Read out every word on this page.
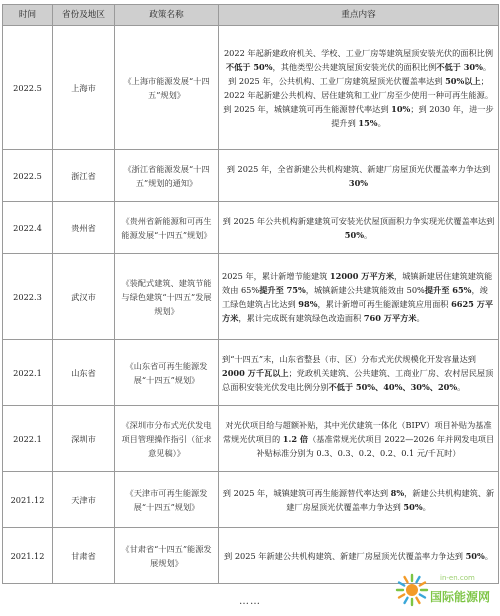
时间	省份及地区	政策名称	重点内容
2022.5	上海市	《上海市能源发展“十四五”规划》	2022 年起新建政府机关、学校、工业厂房等建筑屋顶安装光伏的面积比例不低于 50%，其他类型公共建筑屋顶安装光伏的面积比例不低于 30%。

到 2025 年，公共机构、工业厂房建筑屋顶光伏覆盖率达到 50%以上；

2022 年起新建公共机构、居住建筑和工业厂房至少使用一种可再生能源。

到 2025 年，城镇建筑可再生能源替代率达到 10%；到 2030 年，进一步提升到 15%。

2022.5	浙江省	《浙江省能源发展“十四五”规划的通知》	到 2025 年，全省新建公共机构建筑、新建厂房屋顶光伏覆盖率力争达到 30%

2022.4	贵州省	《贵州省新能源和可再生能源发展“十四五”规划》	到 2025 年公共机构新建建筑可安装光伏屋顶面积力争实现光伏覆盖率达到 50%。

2022.3	武汉市	《装配式建筑、建筑节能与绿色建筑“十四五”发展规划》	2025 年，累计新增节能建筑 12000 万平方米，城镇新建居住建筑建筑能效由 65%提升至 75%，城镇新建公共建筑能效由 50%提升至 65%，竣工绿色建筑占比达到 98%，累计新增可再生能源建筑应用面积 6625 万平方米，累计完成既有建筑绿色改造面积 760 万平方米。

2022.1	山东省	《山东省可再生能源发展“十四五”规划》	到“十四五”末，山东省整县（市、区）分布式光伏规模化开发容量达到 2000 万千瓦以上；党政机关建筑、公共建筑、工商业厂房、农村居民屋顶总面积安装光伏发电比例分别不低于 50%、40%、30%、20%。

2022.1	深圳市	《深圳市分布式光伏发电项目管理操作指引（征求意见稿）》	对光伏项目给与超额补贴，其中光伏建筑一体化（BIPV）项目补贴为基准常规光伏项目的 1.2 倍（基准常规光伏项目 2022—2026 年并网发电项目补贴标准分别为 0.3、0.3、0.2、0.2、0.1 元/千瓦时）

2021.12	天津市	《天津市可再生能源发展“十四五”规划》	到 2025 年，城镇建筑可再生能源替代率达到 8%，新建公共机构建筑、新建厂房屋顶光伏覆盖率力争达到 50%。

2021.12	甘肃省	《甘肃省“十四五”能源发展规划》	到 2025 年新建公共机构建筑、新建厂房屋顶光伏覆盖率力争达到 50%。

……
in-en.com
国际能源网
